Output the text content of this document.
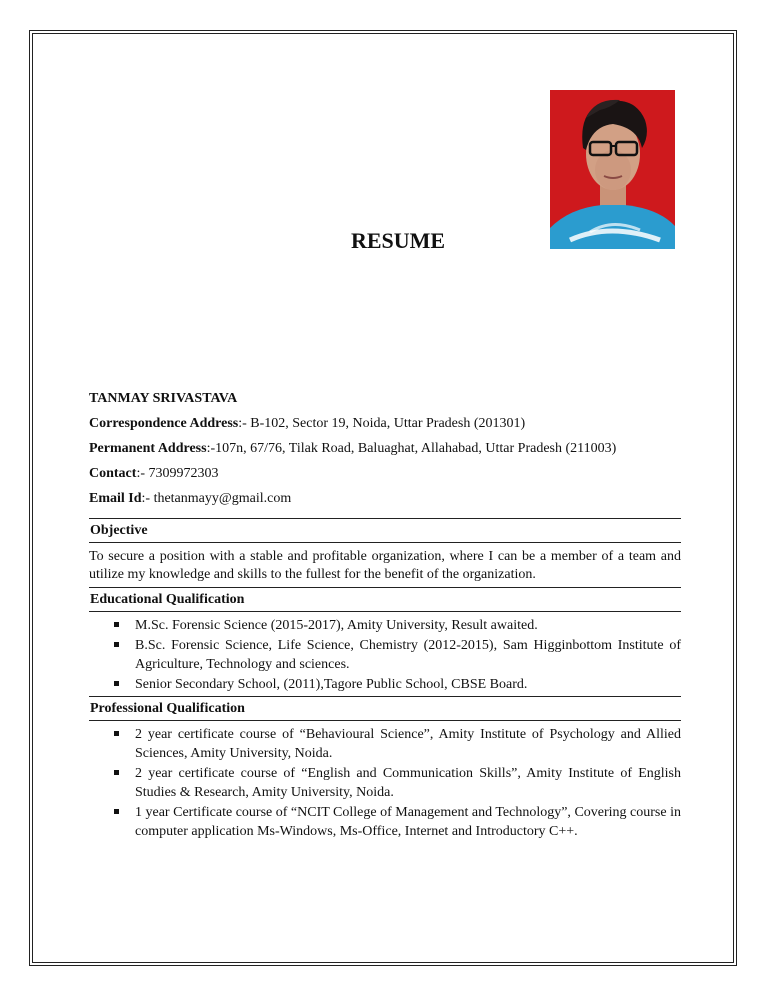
RESUME
TANMAY SRIVASTAVA
Correspondence Address:- B-102, Sector 19, Noida, Uttar Pradesh (201301)
Permanent Address:-107n, 67/76, Tilak Road, Baluaghat, Allahabad, Uttar Pradesh (211003)
Contact:- 7309972303
Email Id:- thetanmayy@gmail.com
Objective
To secure a position with a stable and profitable organization, where I can be a member of a team and utilize my knowledge and skills to the fullest for the benefit of the organization.
Educational Qualification
M.Sc. Forensic Science (2015-2017), Amity University, Result awaited.
B.Sc. Forensic Science, Life Science, Chemistry (2012-2015), Sam Higginbottom Institute of Agriculture, Technology and sciences.
Senior Secondary School, (2011),Tagore Public School, CBSE Board.
Professional Qualification
2 year certificate course of “Behavioural Science”, Amity Institute of Psychology and Allied Sciences, Amity University, Noida.
2 year certificate course of “English and Communication Skills”, Amity Institute of English Studies & Research, Amity University, Noida.
1 year Certificate course of “NCIT College of Management and Technology”, Covering course in computer application Ms-Windows, Ms-Office, Internet and Introductory C++.
